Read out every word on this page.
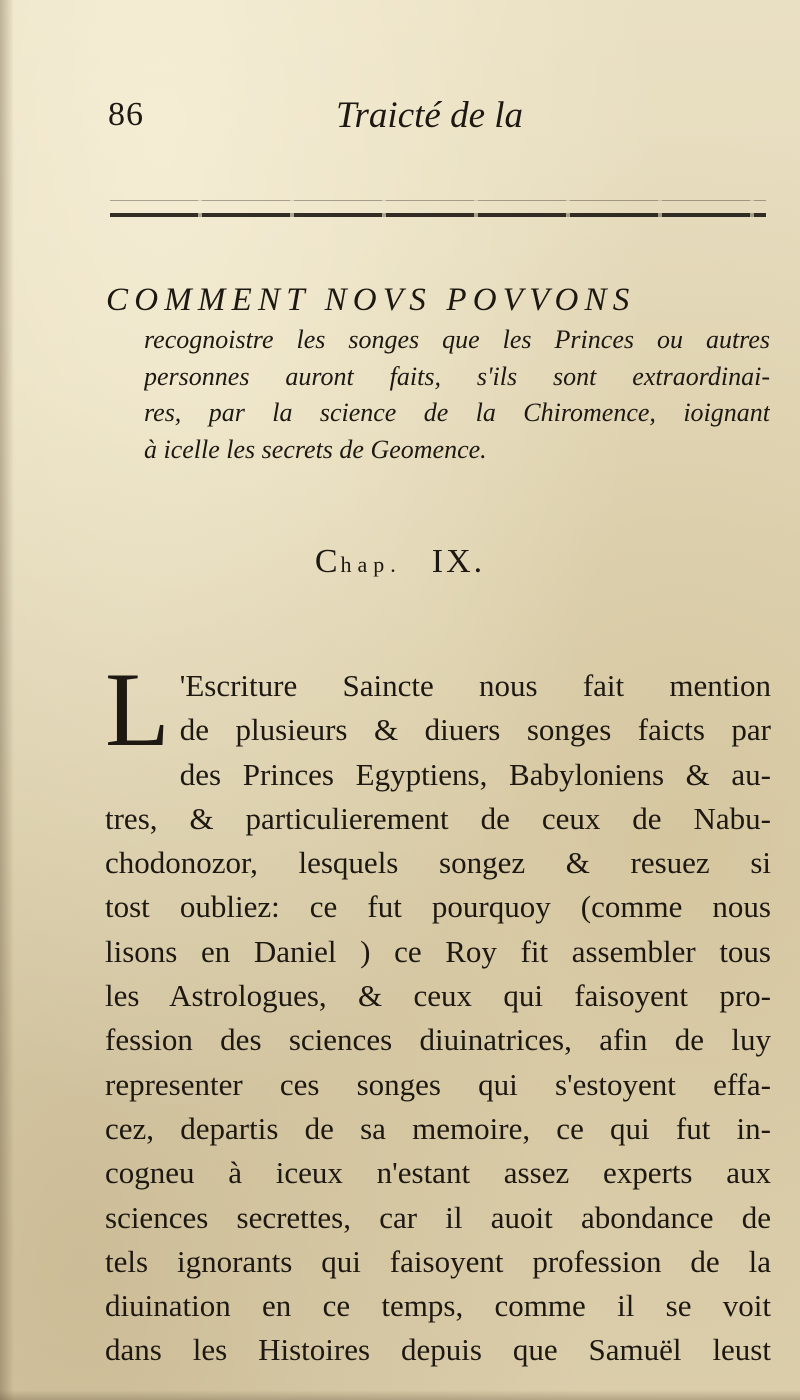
86	Traicté de la
COMMENT NOVS POVVONS
recognoistre les songes que les Princes ou autres
personnes auront faits, s'ils sont extraordinai-
res, par la science de la Chiromence, ioignant
à icelle les secrets de Geomence.
Chap. IX.
L 'Escriture Saincte nous fait mention
de plusieurs & diuers songes faicts par
des Princes Egyptiens, Babyloniens & au-
tres, & particulierement de ceux de Nabu-
chodonozor, lesquels songez & resuez si
tost oubliez: ce fut pourquoy (comme nous
lisons en Daniel ) ce Roy fit assembler tous
les Astrologues, & ceux qui faisoyent pro-
fession des sciences diuinatrices, afin de luy
representer ces songes qui s'estoyent effa-
cez, departis de sa memoire, ce qui fut in-
cogneu à iceux n'estant assez experts aux
sciences secrettes, car il auoit abondance de
tels ignorants qui faisoyent profession de la
diuination en ce temps, comme il se voit
dans les Histoires depuis que Samuël leust
